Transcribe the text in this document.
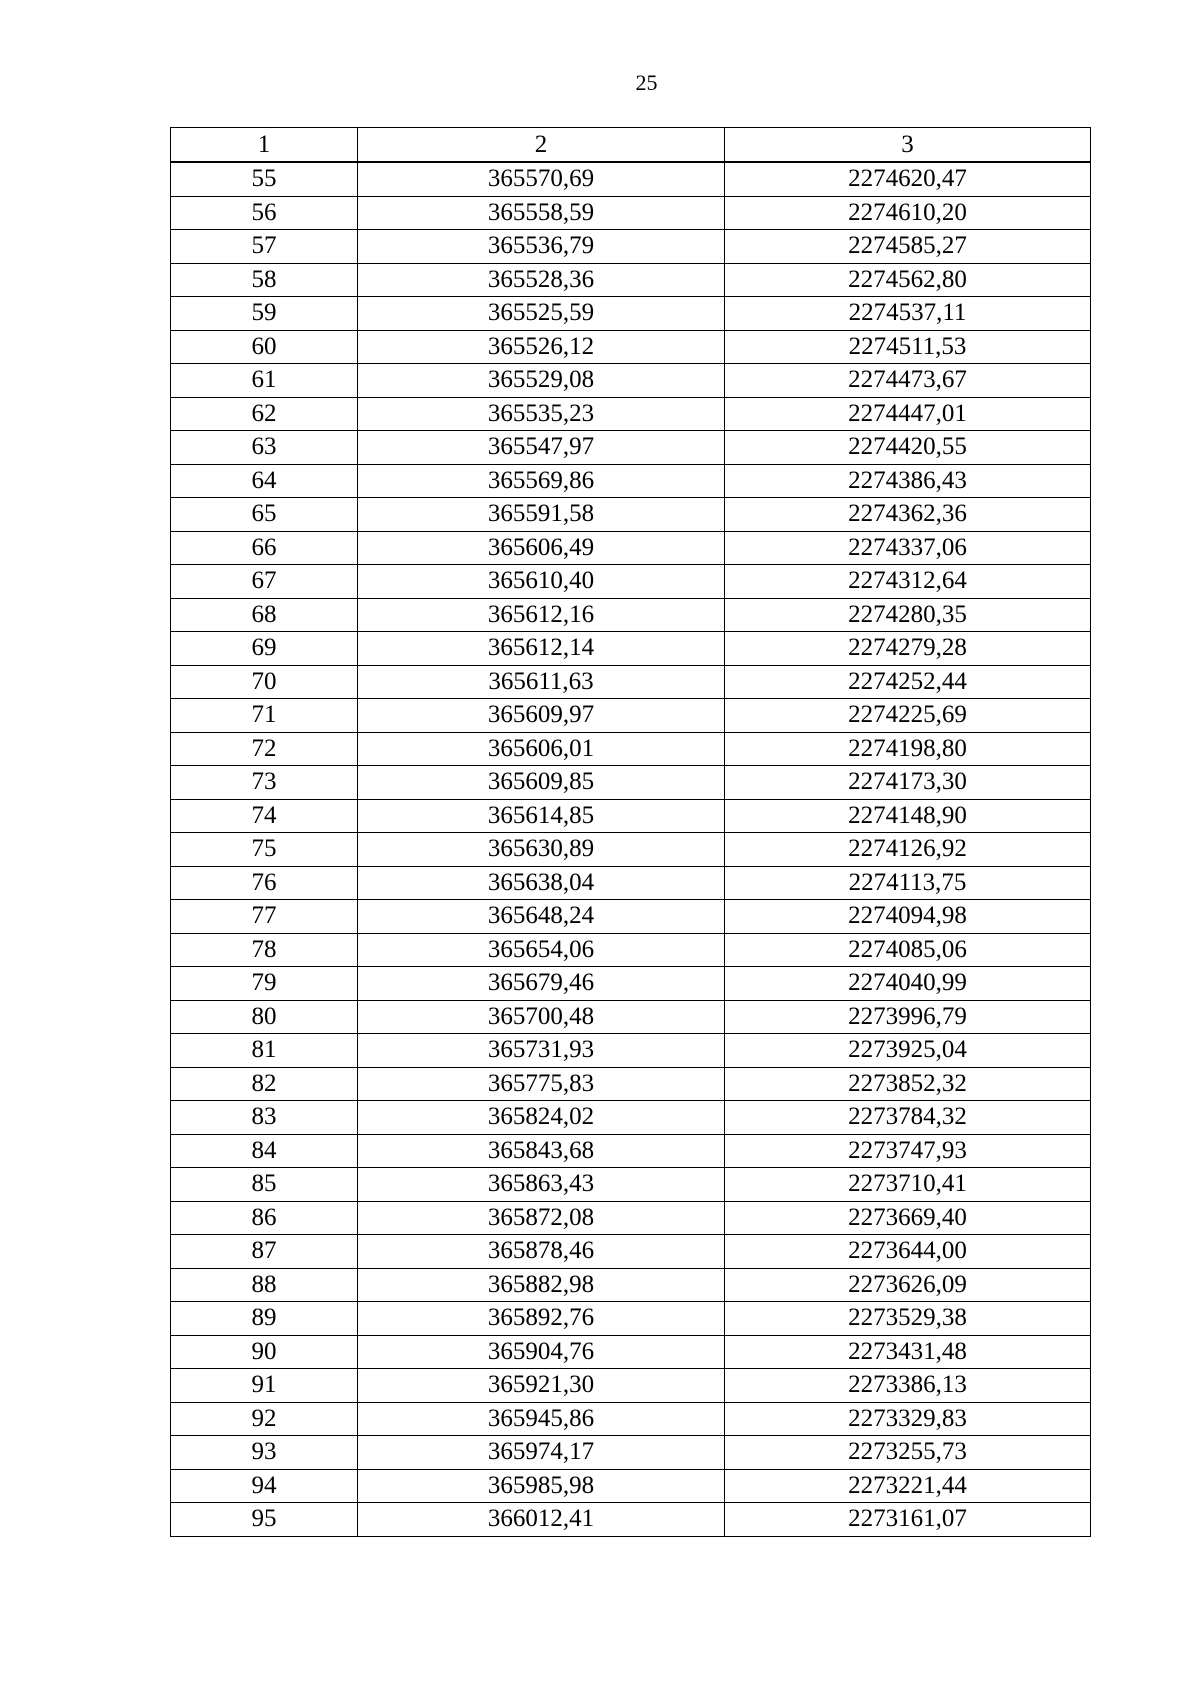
25
1	2	3
55	365570,69	2274620,47
56	365558,59	2274610,20
57	365536,79	2274585,27
58	365528,36	2274562,80
59	365525,59	2274537,11
60	365526,12	2274511,53
61	365529,08	2274473,67
62	365535,23	2274447,01
63	365547,97	2274420,55
64	365569,86	2274386,43
65	365591,58	2274362,36
66	365606,49	2274337,06
67	365610,40	2274312,64
68	365612,16	2274280,35
69	365612,14	2274279,28
70	365611,63	2274252,44
71	365609,97	2274225,69
72	365606,01	2274198,80
73	365609,85	2274173,30
74	365614,85	2274148,90
75	365630,89	2274126,92
76	365638,04	2274113,75
77	365648,24	2274094,98
78	365654,06	2274085,06
79	365679,46	2274040,99
80	365700,48	2273996,79
81	365731,93	2273925,04
82	365775,83	2273852,32
83	365824,02	2273784,32
84	365843,68	2273747,93
85	365863,43	2273710,41
86	365872,08	2273669,40
87	365878,46	2273644,00
88	365882,98	2273626,09
89	365892,76	2273529,38
90	365904,76	2273431,48
91	365921,30	2273386,13
92	365945,86	2273329,83
93	365974,17	2273255,73
94	365985,98	2273221,44
95	366012,41	2273161,07
